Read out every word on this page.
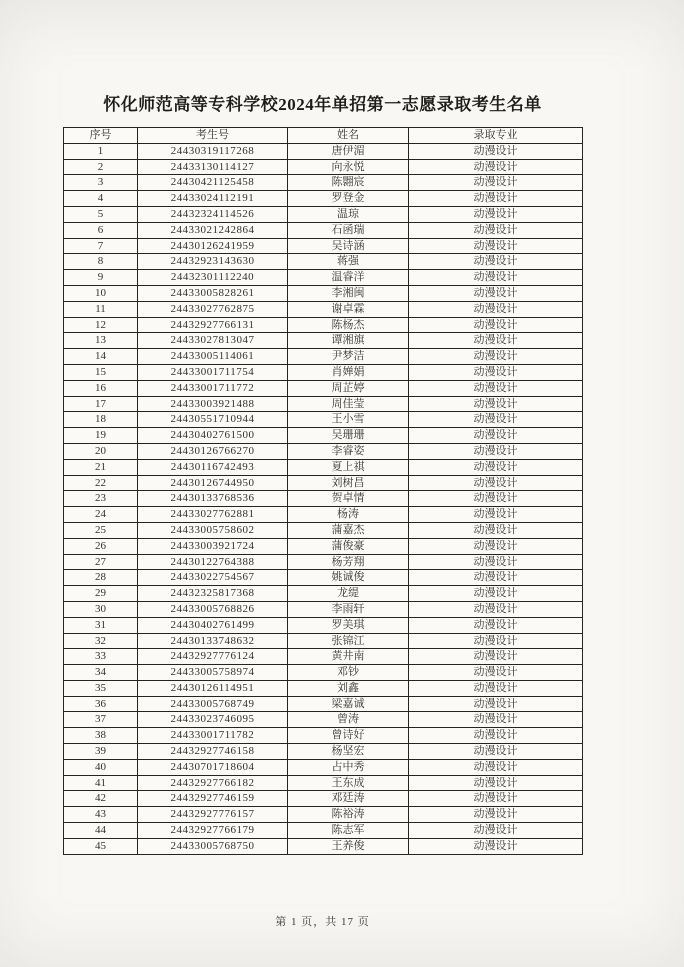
怀化师范高等专科学校2024年单招第一志愿录取考生名单
序号	考生号	姓名	录取专业
1	24430319117268	唐伊湄	动漫设计
2	24433130114127	向永悦	动漫设计
3	24430421125458	陈翾宸	动漫设计
4	24433024112191	罗登金	动漫设计
5	24432324114526	温琼	动漫设计
6	24433021242864	石函瑞	动漫设计
7	24430126241959	吴诗涵	动漫设计
8	24432923143630	蒋强	动漫设计
9	24432301112240	温睿洋	动漫设计
10	24433005828261	李湘闽	动漫设计
11	24433027762875	谢卓霖	动漫设计
12	24432927766131	陈杨杰	动漫设计
13	24433027813047	谭湘旗	动漫设计
14	24433005114061	尹梦洁	动漫设计
15	24433001711754	肖婵娟	动漫设计
16	24433001711772	周芷婷	动漫设计
17	24433003921488	周佳莹	动漫设计
18	24430551710944	王小雪	动漫设计
19	24430402761500	吴珊珊	动漫设计
20	24430126766270	李睿姿	动漫设计
21	24430116742493	夏上祺	动漫设计
22	24430126744950	刘树昌	动漫设计
23	24430133768536	贺卓情	动漫设计
24	24433027762881	杨涛	动漫设计
25	24433005758602	蒲嘉杰	动漫设计
26	24433003921724	蒲俊豪	动漫设计
27	24430122764388	杨芳翔	动漫设计
28	24433022754567	姚诚俊	动漫设计
29	24432325817368	龙缇	动漫设计
30	24433005768826	李雨轩	动漫设计
31	24430402761499	罗美琪	动漫设计
32	24430133748632	张锦江	动漫设计
33	24432927776124	黄井南	动漫设计
34	24433005758974	邓钞	动漫设计
35	24430126114951	刘鑫	动漫设计
36	24433005768749	梁嘉诚	动漫设计
37	24433023746095	曾涛	动漫设计
38	24433001711782	曾诗好	动漫设计
39	24432927746158	杨坚宏	动漫设计
40	24430701718604	占中秀	动漫设计
41	24432927766182	王东成	动漫设计
42	24432927746159	邓廷涛	动漫设计
43	24432927776157	陈裕涛	动漫设计
44	24432927766179	陈志军	动漫设计
45	24433005768750	王养俊	动漫设计
第 1 页，共 17 页
